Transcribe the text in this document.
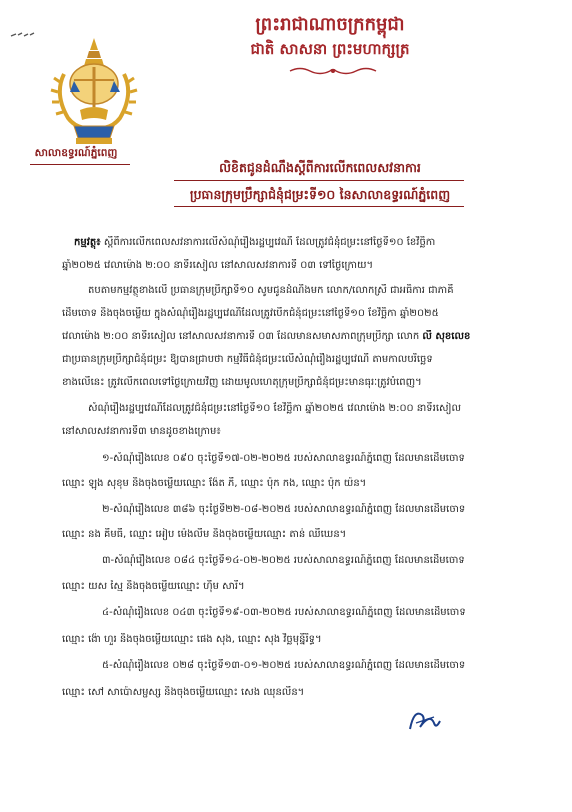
សាលាឧទ្ធរណ៍ភ្នំពេញ
ព្រះរាជាណាចក្រកម្ពុជា
ជាតិ សាសនា ព្រះមហាក្សត្រ
លិខិតជូនដំណឹងស្តីពីការលើកពេលសវនាការ
ប្រធានក្រុមប្រឹក្សាជំនុំជម្រះទី១០ នៃសាលាឧទ្ធរណ៍ភ្នំពេញ
កម្មវត្ថុ៖ ស្តីពីការលើកពេលសវនាការលើសំណុំរឿងរដ្ឋប្បវេណី ដែលត្រូវជំនុំជម្រះនៅថ្ងៃទី១០ ខែវិច្ឆិកា
ឆ្នាំ២០២៥ វេលាម៉ោង ២:០០ នាទីរសៀល នៅសាលសវនាការទី ០៣ ទៅថ្ងៃក្រោយ។
តបតាមកម្មវត្ថុខាងលើ ប្រធានក្រុមប្រឹក្សាទី១០ សូមជូនដំណឹងមក លោក/លោកស្រី ជាអធិការ ជាភាគី
ដើមចោទ និងចុងចម្លើយ ក្នុងសំណុំរឿងរដ្ឋប្បវេណីដែលត្រូវបើកជំនុំជម្រះនៅថ្ងៃទី១០ ខែវិច្ឆិកា ឆ្នាំ២០២៥
វេលាម៉ោង ២:០០ នាទីរសៀល នៅសាលសវនាការទី ០៣ ដែលមានសមាសភាពក្រុមប្រឹក្សា លោក លី សុខលេខ
ជាប្រធានក្រុមប្រឹក្សាជំនុំជម្រះ ឱ្យបានជ្រាបថា កម្មវិធីជំនុំជម្រះលើសំណុំរឿងរដ្ឋប្បវេណី តាមកាលបរិច្ឆេទ
ខាងលើនេះ ត្រូវលើកពេលទៅថ្ងៃក្រោយវិញ ដោយមូលហេតុក្រុមប្រឹក្សាជំនុំជម្រះមានធុរៈត្រូវបំពេញ។
សំណុំរឿងរដ្ឋប្បវេណីដែលត្រូវជំនុំជម្រះនៅថ្ងៃទី១០ ខែវិច្ឆិកា ឆ្នាំ២០២៥ វេលាម៉ោង ២:០០ នាទីរសៀល
នៅសាលសវនាការទី៣ មានដូចខាងក្រោម៖
១-សំណុំរឿងលេខ ០៩០ ចុះថ្ងៃទី១៧-០២-២០២៥ របស់សាលាឧទ្ធរណ៍ភ្នំពេញ ដែលមានដើមចោទ
ឈ្មោះ ឡុង សុខុម និងចុងចម្លើយឈ្មោះ ង៉ែត ភី, ឈ្មោះ ប៉ុក កង, ឈ្មោះ ប៉ុក យ៉ន។
២-សំណុំរឿងលេខ ៣៨៦ ចុះថ្ងៃទី២២-០៨-២០២៥ របស់សាលាឧទ្ធរណ៍ភ្នំពេញ ដែលមានដើមចោទ
ឈ្មោះ នង គីមធី, ឈ្មោះ អៀប ម៉េងលីម និងចុងចម្លើយឈ្មោះ តាន់ ឈីឃេន។
៣-សំណុំរឿងលេខ ០៨៤ ចុះថ្ងៃទី១៤-០២-២០២៥ របស់សាលាឧទ្ធរណ៍ភ្នំពេញ ដែលមានដើមចោទ
ឈ្មោះ យស ស្មៃ និងចុងចម្លើយឈ្មោះ ហ៊ឹម សារី។
៤-សំណុំរឿងលេខ ០៤៣ ចុះថ្ងៃទី១៩-០៣-២០២៥ របស់សាលាឧទ្ធរណ៍ភ្នំពេញ ដែលមានដើមចោទ
ឈ្មោះ ង៉ោ ហួរ និងចុងចម្លើយឈ្មោះ ផេង សុង, ឈ្មោះ សុង វិច្ឆមុន្នីរិទ្ធ។
៥-សំណុំរឿងលេខ ០២៨ ចុះថ្ងៃទី១៣-០១-២០២៥ របស់សាលាឧទ្ធរណ៍ភ្នំពេញ ដែលមានដើមចោទ
ឈ្មោះ សៅ សាប៉ោសម្ផស្ស និងចុងចម្លើយឈ្មោះ សេង ឈុនលីន។
